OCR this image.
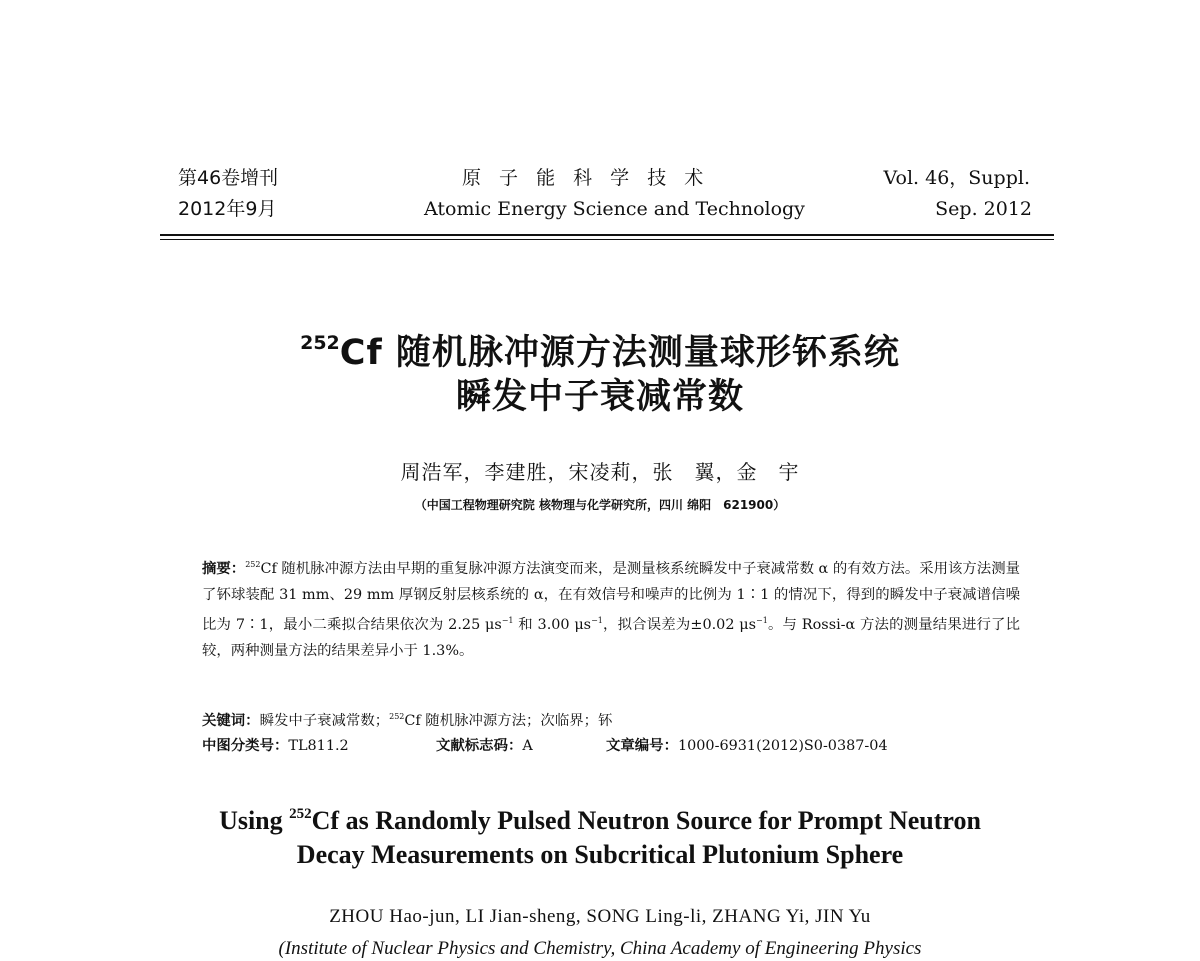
第46卷增刊
2012年9月
原 子 能 科 学 技 术
Atomic Energy Science and Technology
Vol. 46，Suppl.
Sep. 2012
$^{252}$Cf 随机脉冲源方法测量球形钚系统
瞬发中子衰减常数
周浩军，李建胜，宋凌莉，张　翼，金　宇
（中国工程物理研究院 核物理与化学研究所，四川 绵阳　621900）
摘要：$^{252}$Cf 随机脉冲源方法由早期的重复脉冲源方法演变而来，是测量核系统瞬发中子衰减常数 α 的有效方法。采用该方法测量了钚球装配 31 mm、29 mm 厚钢反射层核系统的 α，在有效信号和噪声的比例为 1∶1 的情况下，得到的瞬发中子衰减谱信噪比为 7∶1，最小二乘拟合结果依次为 2.25 $\mu s^{-1}$ 和 3.00 $\mu s^{-1}$，拟合误差为±0.02 $\mu s^{-1}$。与 Rossi-α 方法的测量结果进行了比较，两种测量方法的结果差异小于 1.3%。
关键词：瞬发中子衰减常数；$^{252}$Cf 随机脉冲源方法；次临界；钚
中图分类号：TL811.2	文献标志码：A	文章编号：1000-6931(2012)S0-0387-04
Using $^{252}$Cf as Randomly Pulsed Neutron Source for Prompt Neutron
Decay Measurements on Subcritical Plutonium Sphere
ZHOU Hao-jun, LI Jian-sheng, SONG Ling-li, ZHANG Yi, JIN Yu
(Institute of Nuclear Physics and Chemistry, China Academy of Engineering Physics
